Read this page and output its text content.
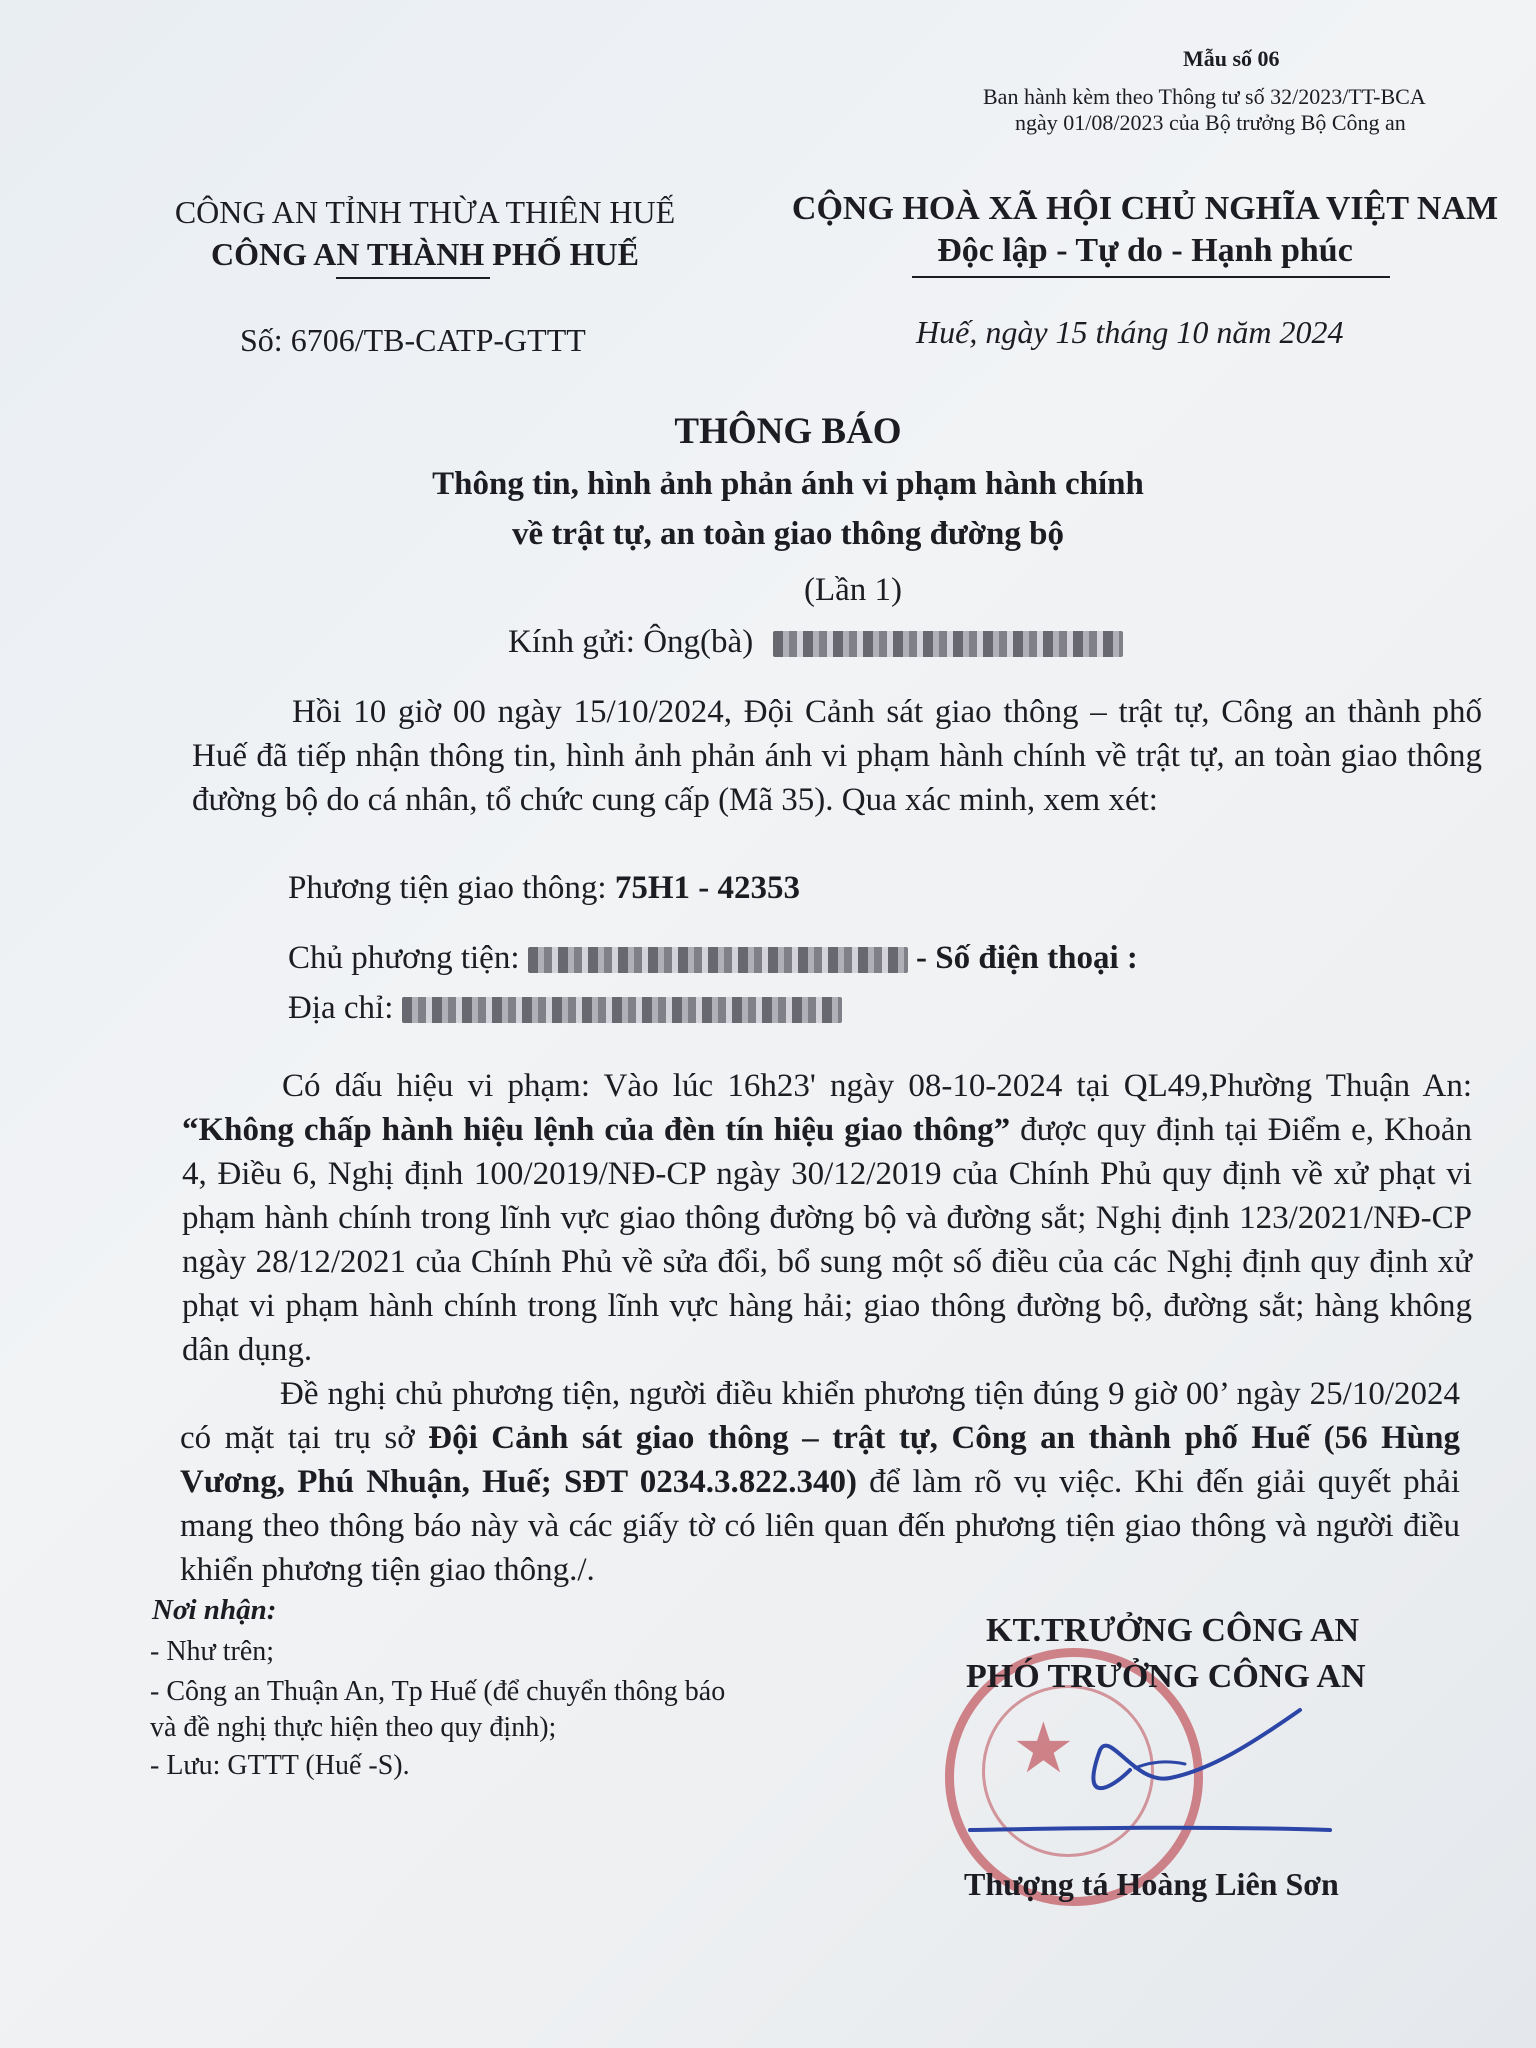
Mẫu số 06
Ban hành kèm theo Thông tư số 32/2023/TT-BCA
ngày 01/08/2023 của Bộ trưởng Bộ Công an
CÔNG AN TỈNH THỪA THIÊN HUẾ
CÔNG AN THÀNH PHỐ HUẾ
Số: 6706/TB-CATP-GTTT
CỘNG HOÀ XÃ HỘI CHỦ NGHĨA VIỆT NAM
Độc lập - Tự do - Hạnh phúc
Huế, ngày 15 tháng 10 năm 2024
THÔNG BÁO
Thông tin, hình ảnh phản ánh vi phạm hành chính
về trật tự, an toàn giao thông đường bộ
(Lần 1)
Kính gửi: Ông(bà)

Hồi 10 giờ 00 ngày 15/10/2024, Đội Cảnh sát giao thông – trật tự, Công an thành phố Huế đã tiếp nhận thông tin, hình ảnh phản ánh vi phạm hành chính về trật tự, an toàn giao thông đường bộ do cá nhân, tổ chức cung cấp (Mã 35). Qua xác minh, xem xét:

Phương tiện giao thông: 75H1 - 42353
Chủ phương tiện:	- Số điện thoại :
Địa chỉ:

Có dấu hiệu vi phạm: Vào lúc 16h23' ngày 08-10-2024 tại QL49,Phường Thuận An: “Không chấp hành hiệu lệnh của đèn tín hiệu giao thông” được quy định tại Điểm e, Khoản 4, Điều 6, Nghị định 100/2019/NĐ-CP ngày 30/12/2019 của Chính Phủ quy định về xử phạt vi phạm hành chính trong lĩnh vực giao thông đường bộ và đường sắt; Nghị định 123/2021/NĐ-CP ngày 28/12/2021 của Chính Phủ về sửa đổi, bổ sung một số điều của các Nghị định quy định xử phạt vi phạm hành chính trong lĩnh vực hàng hải; giao thông đường bộ, đường sắt; hàng không dân dụng.

Đề nghị chủ phương tiện, người điều khiển phương tiện đúng 9 giờ 00’ ngày 25/10/2024 có mặt tại trụ sở Đội Cảnh sát giao thông – trật tự, Công an thành phố Huế (56 Hùng Vương, Phú Nhuận, Huế; SĐT 0234.3.822.340) để làm rõ vụ việc. Khi đến giải quyết phải mang theo thông báo này và các giấy tờ có liên quan đến phương tiện giao thông và người điều khiển phương tiện giao thông./.

Nơi nhận:
- Như trên;
- Công an Thuận An, Tp Huế (để chuyển thông báo
và đề nghị thực hiện theo quy định);
- Lưu: GTTT (Huế -S).	★
KT.TRƯỞNG CÔNG AN
PHÓ TRƯỞNG CÔNG AN
Thượng tá Hoàng Liên Sơn
